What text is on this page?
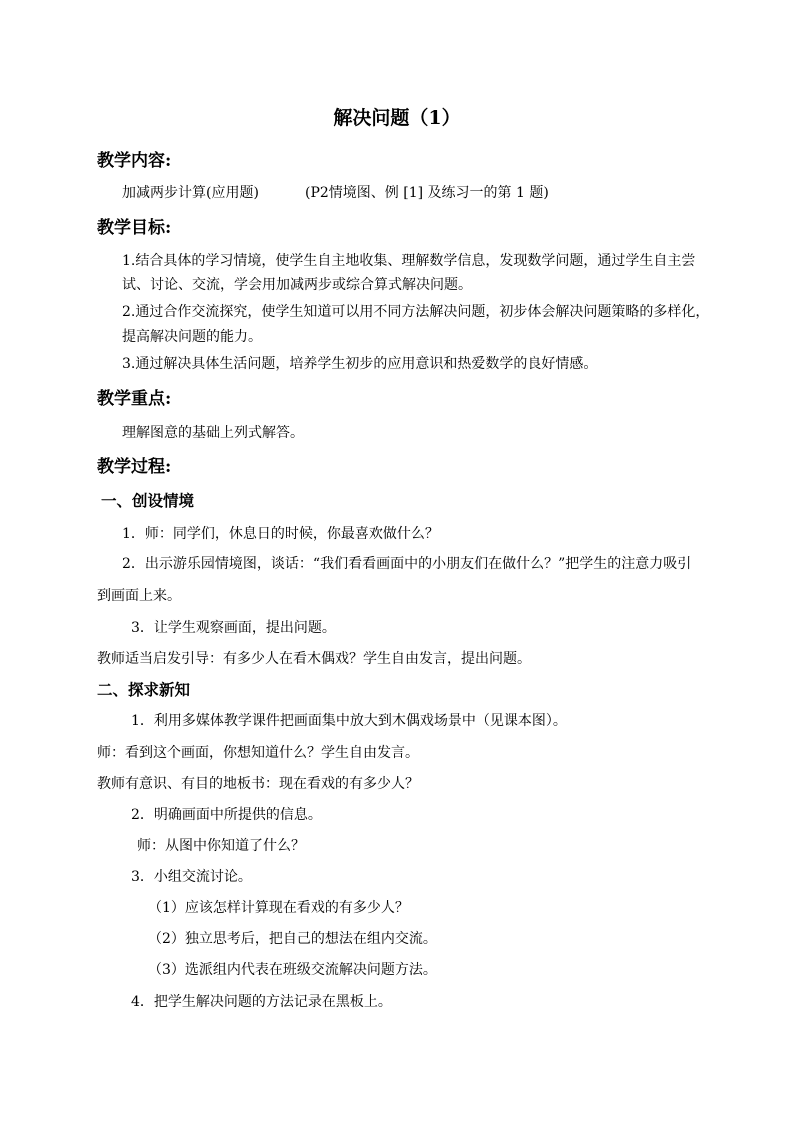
解决问题（1）
教学内容:
加减两步计算(应用题)	(P2情境图、例 [1] 及练习一的第 1 题)
教学目标:
1.结合具体的学习情境，使学生自主地收集、理解数学信息，发现数学问题，通过学生自主尝
试、讨论、交流，学会用加减两步或综合算式解决问题。
2.通过合作交流探究，使学生知道可以用不同方法解决问题，初步体会解决问题策略的多样化，
提高解决问题的能力。
3.通过解决具体生活问题，培养学生初步的应用意识和热爱数学的良好情感。
教学重点:
理解图意的基础上列式解答。
教学过程:
一、创设情境
1．师：同学们，休息日的时候，你最喜欢做什么？
2．出示游乐园情境图，谈话：“我们看看画面中的小朋友们在做什么？”把学生的注意力吸引
到画面上来。
3．让学生观察画面，提出问题。
教师适当启发引导：有多少人在看木偶戏？学生自由发言，提出问题。
二、探求新知
1．利用多媒体教学课件把画面集中放大到木偶戏场景中（见课本图）。
师：看到这个画面，你想知道什么？学生自由发言。
教师有意识、有目的地板书：现在看戏的有多少人？
2．明确画面中所提供的信息。
师：从图中你知道了什么？
3．小组交流讨论。
（1）应该怎样计算现在看戏的有多少人？
（2）独立思考后，把自己的想法在组内交流。
（3）选派组内代表在班级交流解决问题方法。
4．把学生解决问题的方法记录在黑板上。
